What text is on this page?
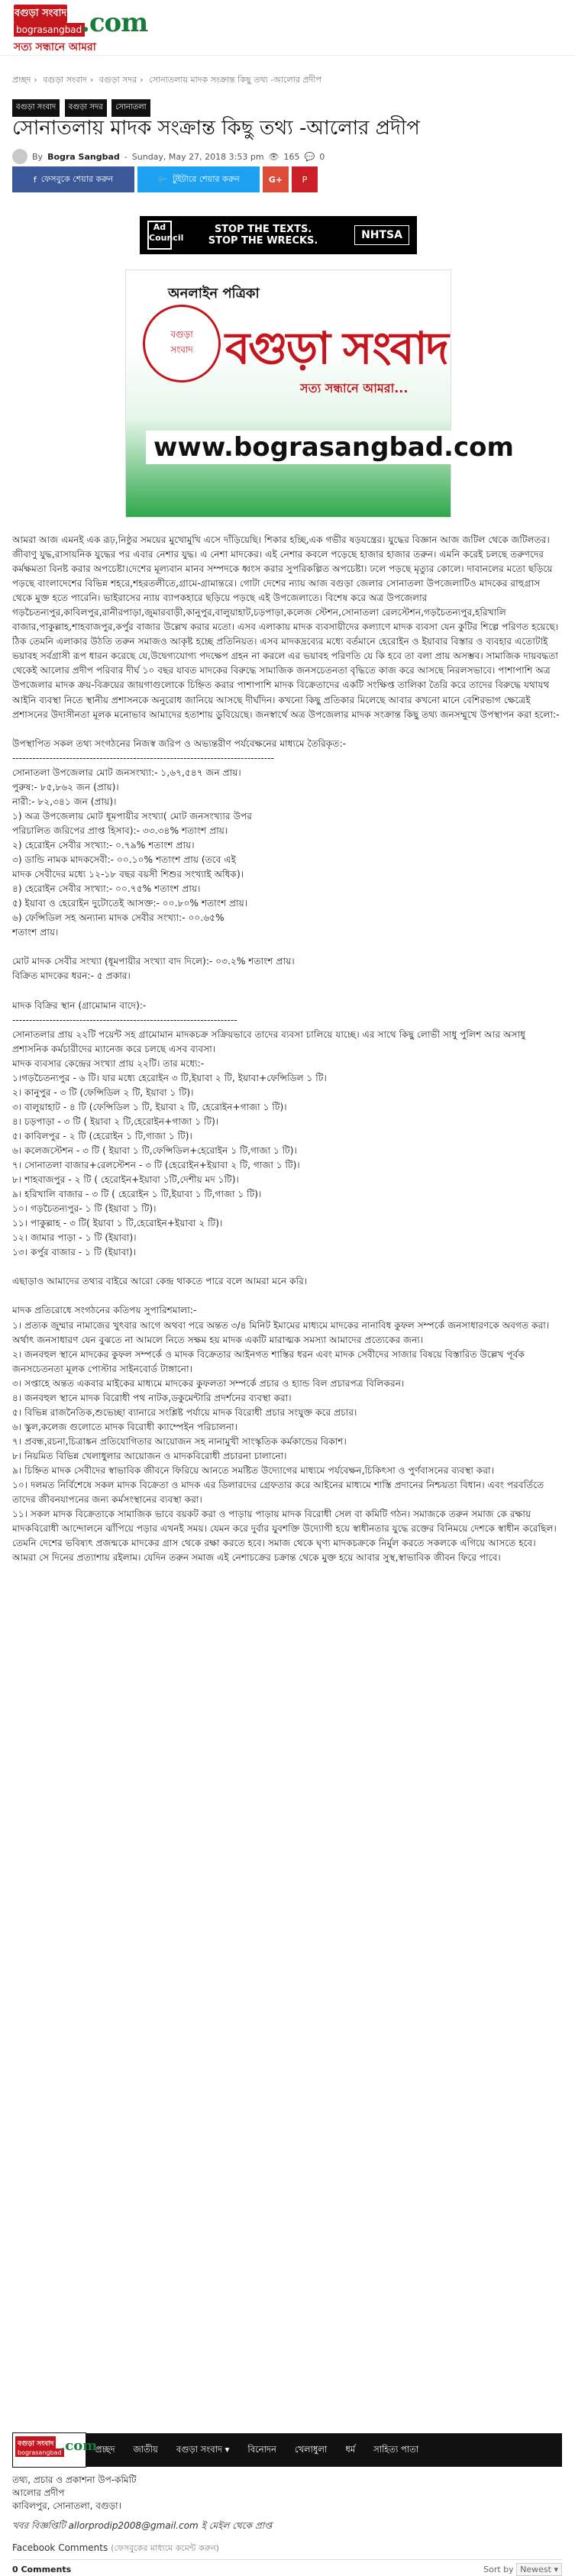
বগুড়া সংবাদ
bograsangbad
.com
সত্য সন্ধানে আমরা
প্রচ্ছদ › বগুড়া সংবাদ › বগুড়া সদর › সোনাতলায় মাদক সংক্রান্ত কিছু তথ্য -আলোর প্রদীপ
বগুড়া সংবাদ বগুড়া সদর সোনাতলা
সোনাতলায় মাদক সংক্রান্ত কিছু তথ্য -আলোর প্রদীপ
By Bogra Sangbad - Sunday, May 27, 2018 3:53 pm 👁 165 💬 0
f ফেসবুকে শেয়ার করুন	🐦 টুইটারে শেয়ার করুন	G+	P
Ad Council
STOP THE TEXTS.
STOP THE WRECKS.	NHTSA
অনলাইন পত্রিকা
বগুড়া
সংবাদ বগুড়া সংবাদ
সত্য সন্ধানে আমরা...
www.bograsangbad.com

আমরা আজ এমনই এক রূঢ়,নিষ্ঠুর সময়ের মুখোমুখি এসে দাঁড়িয়েছি। শিকার হচ্ছি,এক গভীর ষড়যন্ত্রের। যুদ্ধের বিজ্ঞান আজ জটিল থেকে জটিলতর। জীবাণু যুদ্ধ,রাসায়নিক যুদ্ধের পর এবার নেশার যুদ্ধ। এ নেশা মাদকের। এই নেশার কবলে পড়েছে হাজার হাজার তরুন। এমনি করেই চলছে তরুণদের কর্মক্ষমতা বিনষ্ট করার অপচেষ্টা।দেশের মূল্যবান মানব সম্পদকে ধ্বংস করার সুপরিকল্পিত অপচেষ্টা। ঢলে পড়ছে মৃত্যুর কোলে। দাবানলের মতো ছড়িয়ে পড়ছে বাংলাদেশের বিভিন্ন শহরে,শহরতলীতে,গ্রামে-গ্রামান্তরে। গোটা দেশের ন্যায় আজ বগুড়া জেলার সোনাতলা উপজেলাটিও মাদকের রাহুগ্রাস থেকে মুক্ত হতে পারেনি। ভাইরাসের ন্যায় ব্যাপকহারে ছড়িয়ে পড়ছে এই উপজেলাতে। বিশেষ করে অত্র উপজেলার

গড়চৈতন্যপুর,কাবিলপুর,রানীরপাড়া,জুমারবাড়ী,কানুপুর,বালুয়াহাট,চড়পাড়া,কলেজ স্টেশন,সোনাতলা রেলস্টেশন,গড়চৈতন্যপুর,হরিখালি বাজার,পাকুল্লাহ,শাহবাজপুর,কর্পুর বাজার উল্লেখ করার মতো। এসব এলাকায় মাদক ব্যবসায়ীদের কল্যাণে মাদক ব্যবসা যেন কুটির শিল্পে পরিণত হয়েছে। ঠিক তেমনি এলাকার উঠতি তরুন সমাজও আকৃষ্ট হচ্ছে প্রতিনিয়ত। এসব মাদকদ্রব্যের মধ্যে বর্তমানে হেরোইন ও ইয়াবার বিস্তার ও ব্যবহার এতোটাই ভয়াবহ সর্বগ্রাসী রূপ ধারন করেছে যে,উদ্বেগ্যযোগ্য পদক্ষেপ গ্রহন না করলে এর ভয়াবহ পরিণতি যে কি হবে তা বলা প্রায় অসম্ভব। সামাজিক দায়বদ্ধতা থেকেই আলোর প্রদীপ পরিবার দীর্ঘ ১০ বছর যাবত মাদকের বিরুদ্ধে সামাজিক জনসচেতনতা বৃদ্ধিতে কাজ করে আসছে নিরলসভাবে। পাশাপাশি অত্র উপজেলার মাদক ক্রয়-বিক্রয়ের জায়গাগুলোকে চিহ্নিত করার পাশাপাশি মাদক বিক্রেতাদের একটি সংক্ষিপ্ত তালিকা তৈরি করে তাদের বিরুদ্ধে যথাযথ আইনি ব্যবস্থা নিতে স্থানীয় প্রশাসনকে অনুরোধ জানিয়ে আসছে দীর্ঘদিন। কখনো কিছু প্রতিকার মিলেছে আবার কখনো মানে বেশিরভাগ ক্ষেত্রেই প্রশাসনের উদাসীনতা মূলক মনোভাব আমাদের হতাশায় ডুবিয়েছে। জনস্বার্থে অত্র উপজেলার মাদক সংক্রান্ত কিছু তথ্য জনসম্মুখে উপস্থাপন করা হলো:-

উপস্থাপিত সকল তথ্য সংগঠনের নিজস্ব জরিপ ও অভ্যন্তরীণ পর্যবেক্ষনের মাধ্যমে তৈরিকৃত:-

------------------------------------------------------------------------------

সোনাতলা উপজেলার মোট জনসংখ্যা:- ১,৬৭,৫৪৭ জন প্রায়।

পুরুষ:- ৮৫,৮৬২ জন (প্রায়)।

নারী:- ৮২,৩৪১ জন (প্রায়)।

১) অত্র উপজেলায় মোট ধূমপায়ীর সংখ্যা( মোট জনসংখ্যার উপর

পরিচালিত জরিপের প্রাপ্ত হিসাব):- ৩৩.৩৪% শতাংশ প্রায়।

২) হেরোইন সেবীর সংখ্যা:- ০.৭৯% শতাংশ প্রায়।

৩) ডান্ডি নামক মাদকসেবী:- ০০.১০% শতাংশ প্রায় (তবে এই

মাদক সেবীদের মধ্যে ১২-১৮ বছর বয়সী শিশুর সংখ্যাই অধিক)।

৪) হেরোইন সেবীর সংখ্যা:- ০০.৭৫% শতাংশ প্রায়।

৫) ইয়াবা ও হেরোইন দুটোতেই আসক্ত:- ০০.৮০% শতাংশ প্রায়।

৬) ফেন্সিডিল সহ অন্যান্য মাদক সেবীর সংখ্যা:- ০০.৬৫%

শতাংশ প্রায়।

মোট মাদক সেবীর সংখ্যা (ধূমপায়ীর সংখ্যা বাদ দিলে):- ০৩.২% শতাংশ প্রায়।

বিক্রিত মাদকের ধরন:- ৫ প্রকার।

মাদক বিক্রির স্থান (গ্রামোমান বাদে):-

-------------------------------------------------------------------

সোনাতলার প্রায় ২২টি পয়েন্ট সহ গ্রামোমান মাদকচক্র সক্রিয়ভাবে তাদের ব্যবসা চালিয়ে যাচ্ছে। এর সাথে কিছু লোভী সাধু পুলিশ আর অসাধু প্রশাসনিক কর্মচারীদের ম্যানেজ করে চলছে এসব ব্যবসা।

মাদক ব্যবসার কেন্দ্রের সংখ্যা প্রায় ২২টি। তার মধ্যে:-

১।গড়চৈতন্যপুর - ৬ টি। যার মধ্যে হেরোইন ৩ টি,ইয়াবা ২ টি, ইয়াবা+ফেন্সিডিল ১ টি।

২। কানুপুর - ৩ টি (ফেন্সিডিল ২ টি, ইয়াবা ১ টি)।

৩। বালুয়াহাট - ৪ টি (ফেন্সিডিল ১ টি, ইয়াবা ২ টি, হেরোইন+গাজা ১ টি)।

৪। চড়পাড়া - ৩ টি ( ইয়াবা ২ টি,হেরোইন+গাজা ১ টি)।

৫। কাবিলপুর - ২ টি (হেরোইন ১ টি,গাজা ১ টি)।

৬। কলেজস্টেশন - ৩ টি ( ইয়াবা ১ টি,ফেন্সিডিল+হেরোইন ১ টি,গাজা ১ টি)।

৭। সোনাতলা বাজার+রেলস্টেশন - ৩ টি (হেরোইন+ইয়াবা ২ টি, গাজা ১ টি)।

৮। শাহবাজপুর - ২ টি ( হেরোইন+ইয়াবা ১টি,দেশীয় মদ ১টি)।

৯। হরিখালি বাজার - ৩ টি ( হেরোইন ১ টি,ইয়াবা ১ টি,গাজা ১ টি)।

১০। গড়চৈতন্যপুর- ১ টি (ইয়াবা ১ টি)।

১১। পাকুল্লাহ - ৩ টি( ইয়াবা ১ টি,হেরোইন+ইয়াবা ২ টি)।

১২। জামার পাড়া - ১ টি (ইয়াবা)।

১৩। কর্পুর বাজার - ১ টি (ইয়াবা)।

এছাড়াও আমাদের তথ্যর বাইরে আরো কেন্দ্র থাকতে পারে বলে আমরা মনে করি।

মাদক প্রতিরোধে সংগঠনের কতিপয় সুপারিশমালা:-

১। প্রত্যক জুম্মার নামাজের খুৎবার আগে অথবা পরে অন্তত ৩/৪ মিনিট ইমামের মাধ্যমে মাদকের নানাবিধ কুফল সম্পর্কে জনসাধারণকে অবগত করা। অর্থাৎ জনসাধারণ যেন বুঝতে না আমলে নিতে সক্ষম হয় মাদক একটি মারাত্মক সমস্যা আমাদের প্রত্যেকের জন্য।

২। জনবহুল স্থানে মাদকের কুফল সম্পর্কে ও মাদক বিক্রেতার আইনগত শাস্তির ধরন এবং মাদক সেবীদের সাজার বিষয়ে বিস্তারিত উল্লেখ পূর্বক জনসচেতনতা মূলক পোস্টার সাইনবোর্ড টাঙ্গানো।

৩। সপ্তাহে অন্তত একবার মাইকের মাধ্যমে মাদকের কুফলতা সম্পর্কে প্রচার ও হ্যান্ড বিল প্রচারপত্র বিলিকরন।

৪। জনবহুল স্থানে মাদক বিরোধী পথ নাটক,ডকুমেন্টারি প্রদর্শনের ব্যবস্থা করা।

৫। বিভিন্ন রাজনৈতিক,শুভেচ্ছা ব্যানারে সংশ্লিষ্ট পর্যায়ে মাদক বিরোধী প্রচার সংযুক্ত করে প্রচার।

৬। স্কুল,কলেজ গুলোতে মাদক বিরোধী ক্যাম্পেইন পরিচালনা।

৭। প্রবন্ধ,রচনা,চিত্রাঙ্কন প্রতিযোগিতার আয়োজন সহ নানামুখী সাংস্কৃতিক কর্মকান্ডের বিকাশ।

৮। নিয়মিত বিভিন্ন খেলাধুলার আয়োজন ও মাদকবিরোধী প্রচারনা চালানো।

৯। চিহ্নিত মাদক সেবীদের স্বাভাবিক জীবনে ফিরিয়ে আনতে সমষ্টিত উদ্যোগের মাধ্যমে পর্যবেক্ষন,চিকিৎসা ও পুর্ণবাসনের ব্যবস্থা করা।

১০। দলমত নির্বিশেষে সকল মাদক বিক্রেতা ও মাদক এর ডিলারদের গ্রেফতার করে আইনের মাধ্যমে শাস্তি প্রদানের নিশ্চয়তা বিধান। এবং পরবর্তিতে তাদের জীবনযাপনের জন্য কর্মসংস্থানের ব্যবস্থা করা।

১১। সকল মাদক বিক্রেতাকে সামাজিক ভাবে বয়কট করা ও পাড়ায় পাড়ায় মাদক বিরোধী সেল বা কমিটি গঠন। সমাজকে তরুন সমাজ কে রক্ষায় মাদকবিরোধী আন্দোলনে ঝাঁপিয়ে পড়ার এখনই সময়। যেমন করে দুর্বার যুবশক্তি উদ্যোগী হয়ে স্বাধীনতার যুদ্ধে রক্তের বিনিময়ে দেশকে স্বাধীন করেছিল। তেমনি দেশের ভবিষ্যৎ প্রজন্মকে মাদকের গ্রাস থেকে রক্ষা করতে হবে। সমাজ থেকে ঘৃণ্য মাদকচক্রকে নির্মুল করতে সকলকে এগিয়ে আসতে হবে। আমরা সে দিনের প্রত্যাশায় রইলাম। যেদিন তরুন সমাজ এই নেশাচক্রের চক্রান্ত থেকে মুক্ত হয়ে আবার সুস্থ,স্বাভাবিক জীবন ফিরে পাবে।

বগুড়া সংবাদ
bograsangbad
.com
প্রচ্ছদ	জাতীয়	বগুড়া সংবাদ ▾	বিনোদন	খেলাধুলা	ধর্ম	সাহিত্য পাতা
তথ্য, প্রচার ও প্রকাশনা উপ-কমিটি
আলোর প্রদীপ
কাবিলপুর, সোনাতলা, বগুড়া।
খবর বিজ্ঞপ্তিটি allorprodip2008@gmail.com ই মেইল থেকে প্রাপ্ত
Facebook Comments (ফেসবুকের মাধ্যমে কমেন্ট করুন)
0 Comments	Sort by Newest ▾
